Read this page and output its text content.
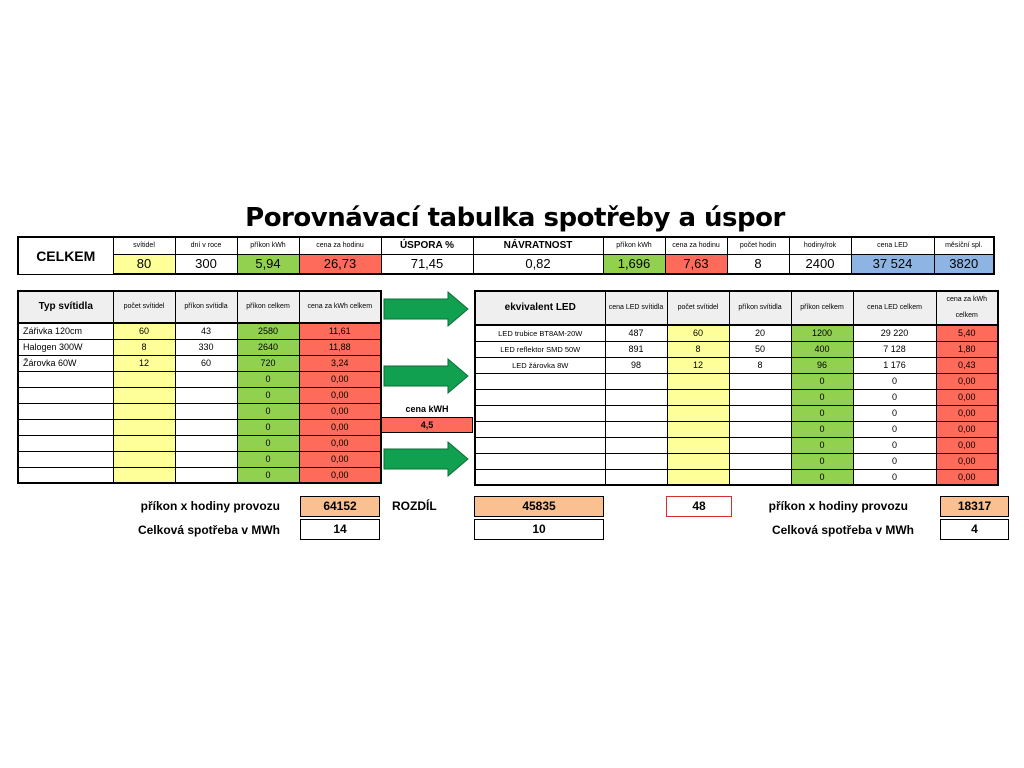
Porovnávací tabulka spotřeby a úspor
CELKEM	svítidel	dní v roce	příkon kWh	cena za hodinu	ÚSPORA %	NÁVRATNOST	příkon kWh	cena za hodinu	počet hodin	hodiny/rok	cena LED	měsíční spl.
	80	300	5,94	26,73	71,45	0,82	1,696	7,63	8	2400	37 524	3820
Typ svítidla	počet svítidel	příkon svítidla	příkon celkem	cena za kWh celkem
Zářivka 120cm	60	43	2580	11,61
Halogen 300W	8	330	2640	11,88
Žárovka 60W	12	60	720	3,24
			0	0,00
			0	0,00
			0	0,00
			0	0,00
			0	0,00
			0	0,00
			0	0,00
ekvivalent LED	cena LED svítidla	počet svítidel	příkon svítidla	příkon celkem	cena LED celkem	cena za kWh celkem
LED trubice BT8AM-20W	487	60	20	1200	29 220	5,40
LED reflektor SMD 50W	891	8	50	400	7 128	1,80
LED žárovka 8W	98	12	8	96	1 176	0,43
				0	0	0,00
				0	0	0,00
				0	0	0,00
				0	0	0,00
				0	0	0,00
				0	0	0,00
				0	0	0,00
cena kWH
4,5
příkon x hodiny provozu	64152
Celková spotřeba v MWh	14
ROZDÍL	45835
10
48	příkon x hodiny provozu	18317
Celková spotřeba v MWh	4
